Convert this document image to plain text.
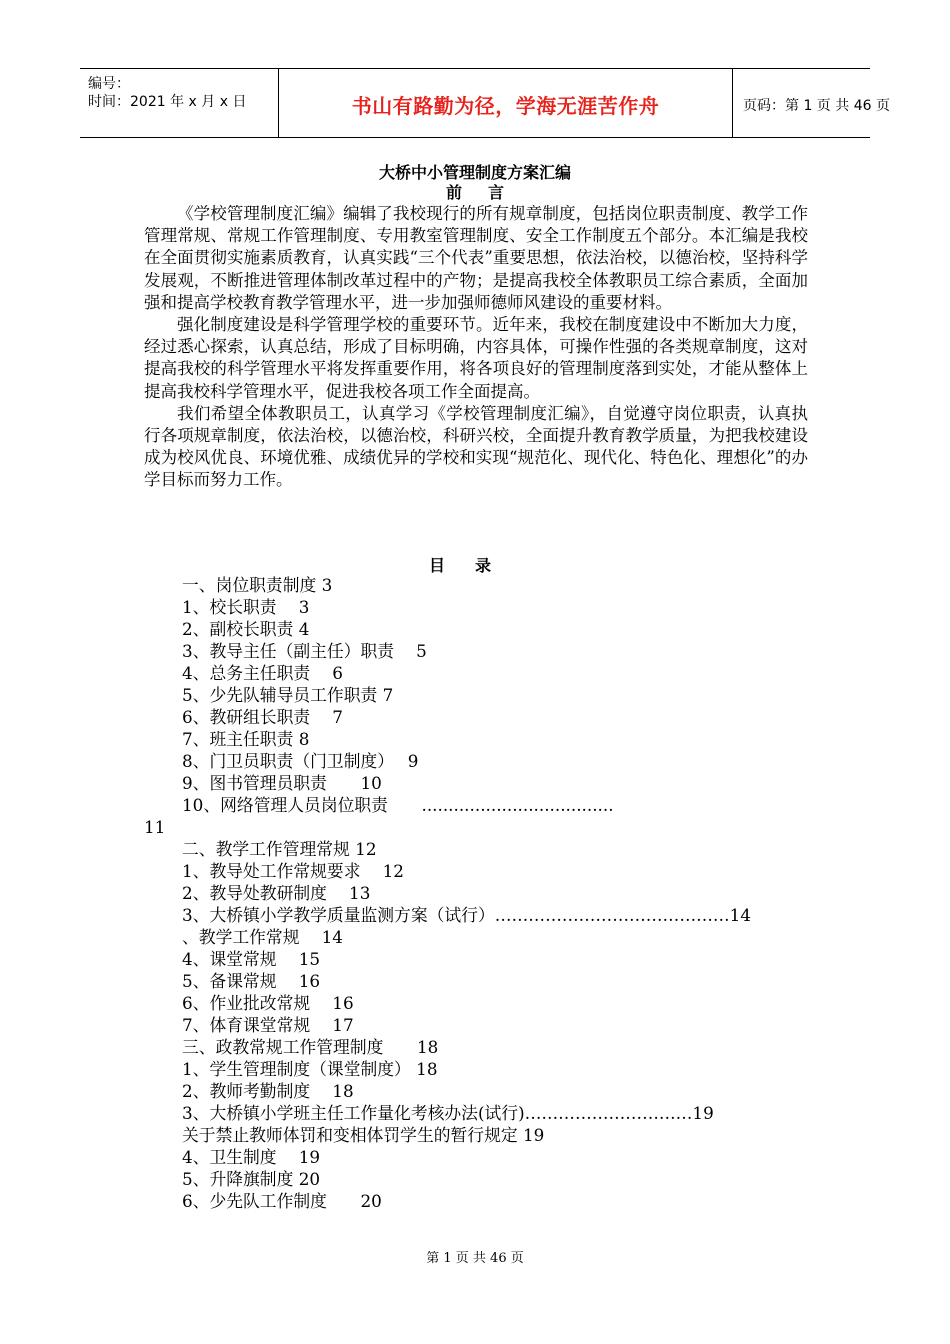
编号：
时间：2021 年 x 月 x 日	书山有路勤为径，学海无涯苦作舟	页码：第 1 页 共 46 页
大桥中小管理制度方案汇编
前言

《学校管理制度汇编》编辑了我校现行的所有规章制度，包括岗位职责制度、教学工作管理常规、常规工作管理制度、专用教室管理制度、安全工作制度五个部分。本汇编是我校在全面贯彻实施素质教育，认真实践“三个代表”重要思想，依法治校，以德治校，坚持科学发展观，不断推进管理体制改革过程中的产物；是提高我校全体教职员工综合素质，全面加强和提高学校教育教学管理水平，进一步加强师德师风建设的重要材料。

强化制度建设是科学管理学校的重要环节。近年来，我校在制度建设中不断加大力度，经过悉心探索，认真总结，形成了目标明确，内容具体，可操作性强的各类规章制度，这对提高我校的科学管理水平将发挥重要作用，将各项良好的管理制度落到实处，才能从整体上提高我校科学管理水平，促进我校各项工作全面提高。

我们希望全体教职员工，认真学习《学校管理制度汇编》，自觉遵守岗位职责，认真执行各项规章制度，依法治校，以德治校，科研兴校，全面提升教育教学质量，为把我校建设成为校风优良、环境优雅、成绩优异的学校和实现“规范化、现代化、特色化、理想化”的办学目标而努力工作。

目录
一、岗位职责制度 3
1、校长职责　 3
2、副校长职责 4
3、教导主任（副主任）职责　 5
4、总务主任职责　 6
5、少先队辅导员工作职责 7
6、教研组长职责　 7
7、班主任职责 8
8、门卫员职责（门卫制度）　 9
9、图书管理员职责　　10
10、网络管理人员岗位职责　　....................................
11
二、教学工作管理常规 12
1、教导处工作常规要求　 12
2、教导处教研制度　 13
3、大桥镇小学教学质量监测方案（试行）……………………………………14
、教学工作常规　 14
4、课堂常规　 15
5、备课常规　 16
6、作业批改常规　 16
7、体育课堂常规　 17
三、政教常规工作管理制度　　18
1、学生管理制度（课堂制度） 18
2、教师考勤制度　 18
3、大桥镇小学班主任工作量化考核办法(试行)…………………………19
关于禁止教师体罚和变相体罚学生的暂行规定 19
4、卫生制度　 19
5、升降旗制度 20
6、少先队工作制度　　20
第 1 页 共 46 页
